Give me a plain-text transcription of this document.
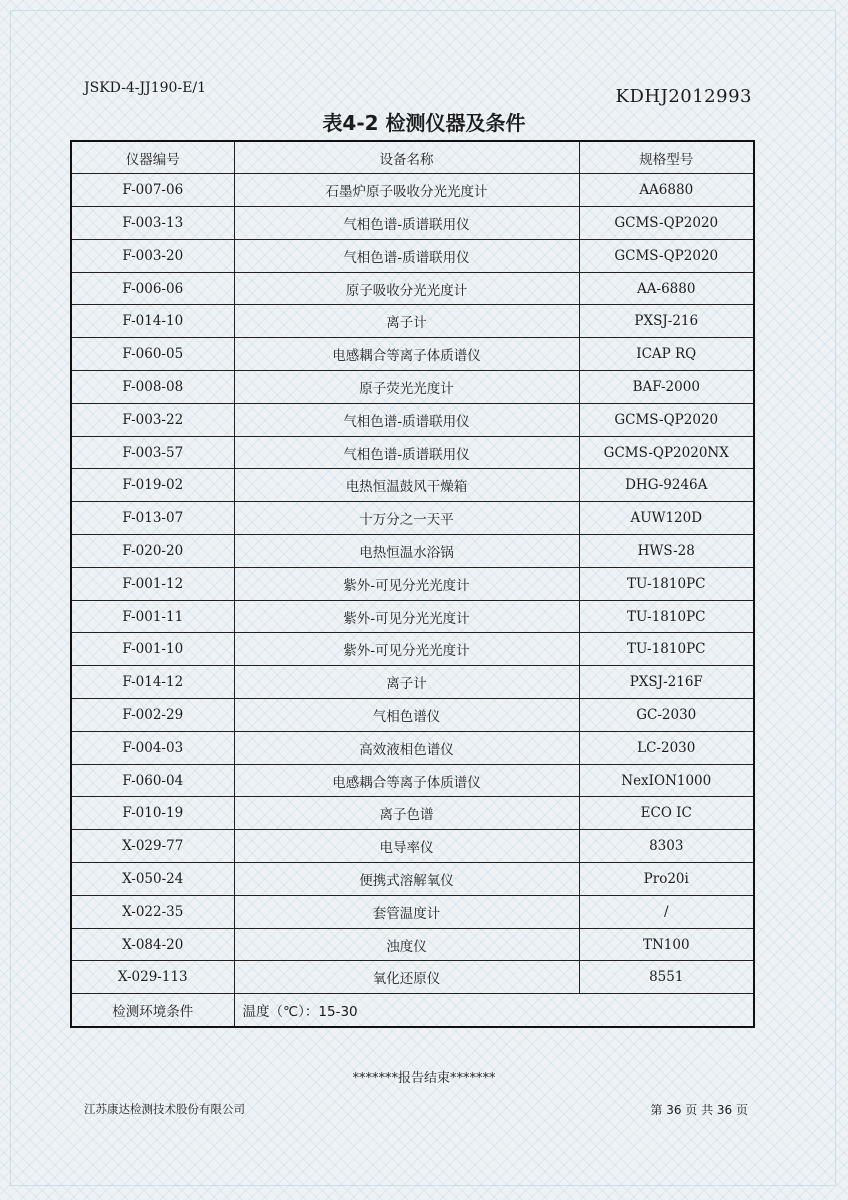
JSKD-4-JJ190-E/1	KDHJ2012993
表4-2 检测仪器及条件
仪器编号	设备名称	规格型号
F-007-06	石墨炉原子吸收分光光度计	AA6880
F-003-13	气相色谱-质谱联用仪	GCMS-QP2020
F-003-20	气相色谱-质谱联用仪	GCMS-QP2020
F-006-06	原子吸收分光光度计	AA-6880
F-014-10	离子计	PXSJ-216
F-060-05	电感耦合等离子体质谱仪	ICAP RQ
F-008-08	原子荧光光度计	BAF-2000
F-003-22	气相色谱-质谱联用仪	GCMS-QP2020
F-003-57	气相色谱-质谱联用仪	GCMS-QP2020NX
F-019-02	电热恒温鼓风干燥箱	DHG-9246A
F-013-07	十万分之一天平	AUW120D
F-020-20	电热恒温水浴锅	HWS-28
F-001-12	紫外-可见分光光度计	TU-1810PC
F-001-11	紫外-可见分光光度计	TU-1810PC
F-001-10	紫外-可见分光光度计	TU-1810PC
F-014-12	离子计	PXSJ-216F
F-002-29	气相色谱仪	GC-2030
F-004-03	高效液相色谱仪	LC-2030
F-060-04	电感耦合等离子体质谱仪	NexION1000
F-010-19	离子色谱	ECO IC
X-029-77	电导率仪	8303
X-050-24	便携式溶解氧仪	Pro20i
X-022-35	套管温度计	/
X-084-20	浊度仪	TN100
X-029-113	氧化还原仪	8551
检测环境条件	温度（℃）：15-30	
*******报告结束*******
江苏康达检测技术股份有限公司	第 36 页 共 36 页
